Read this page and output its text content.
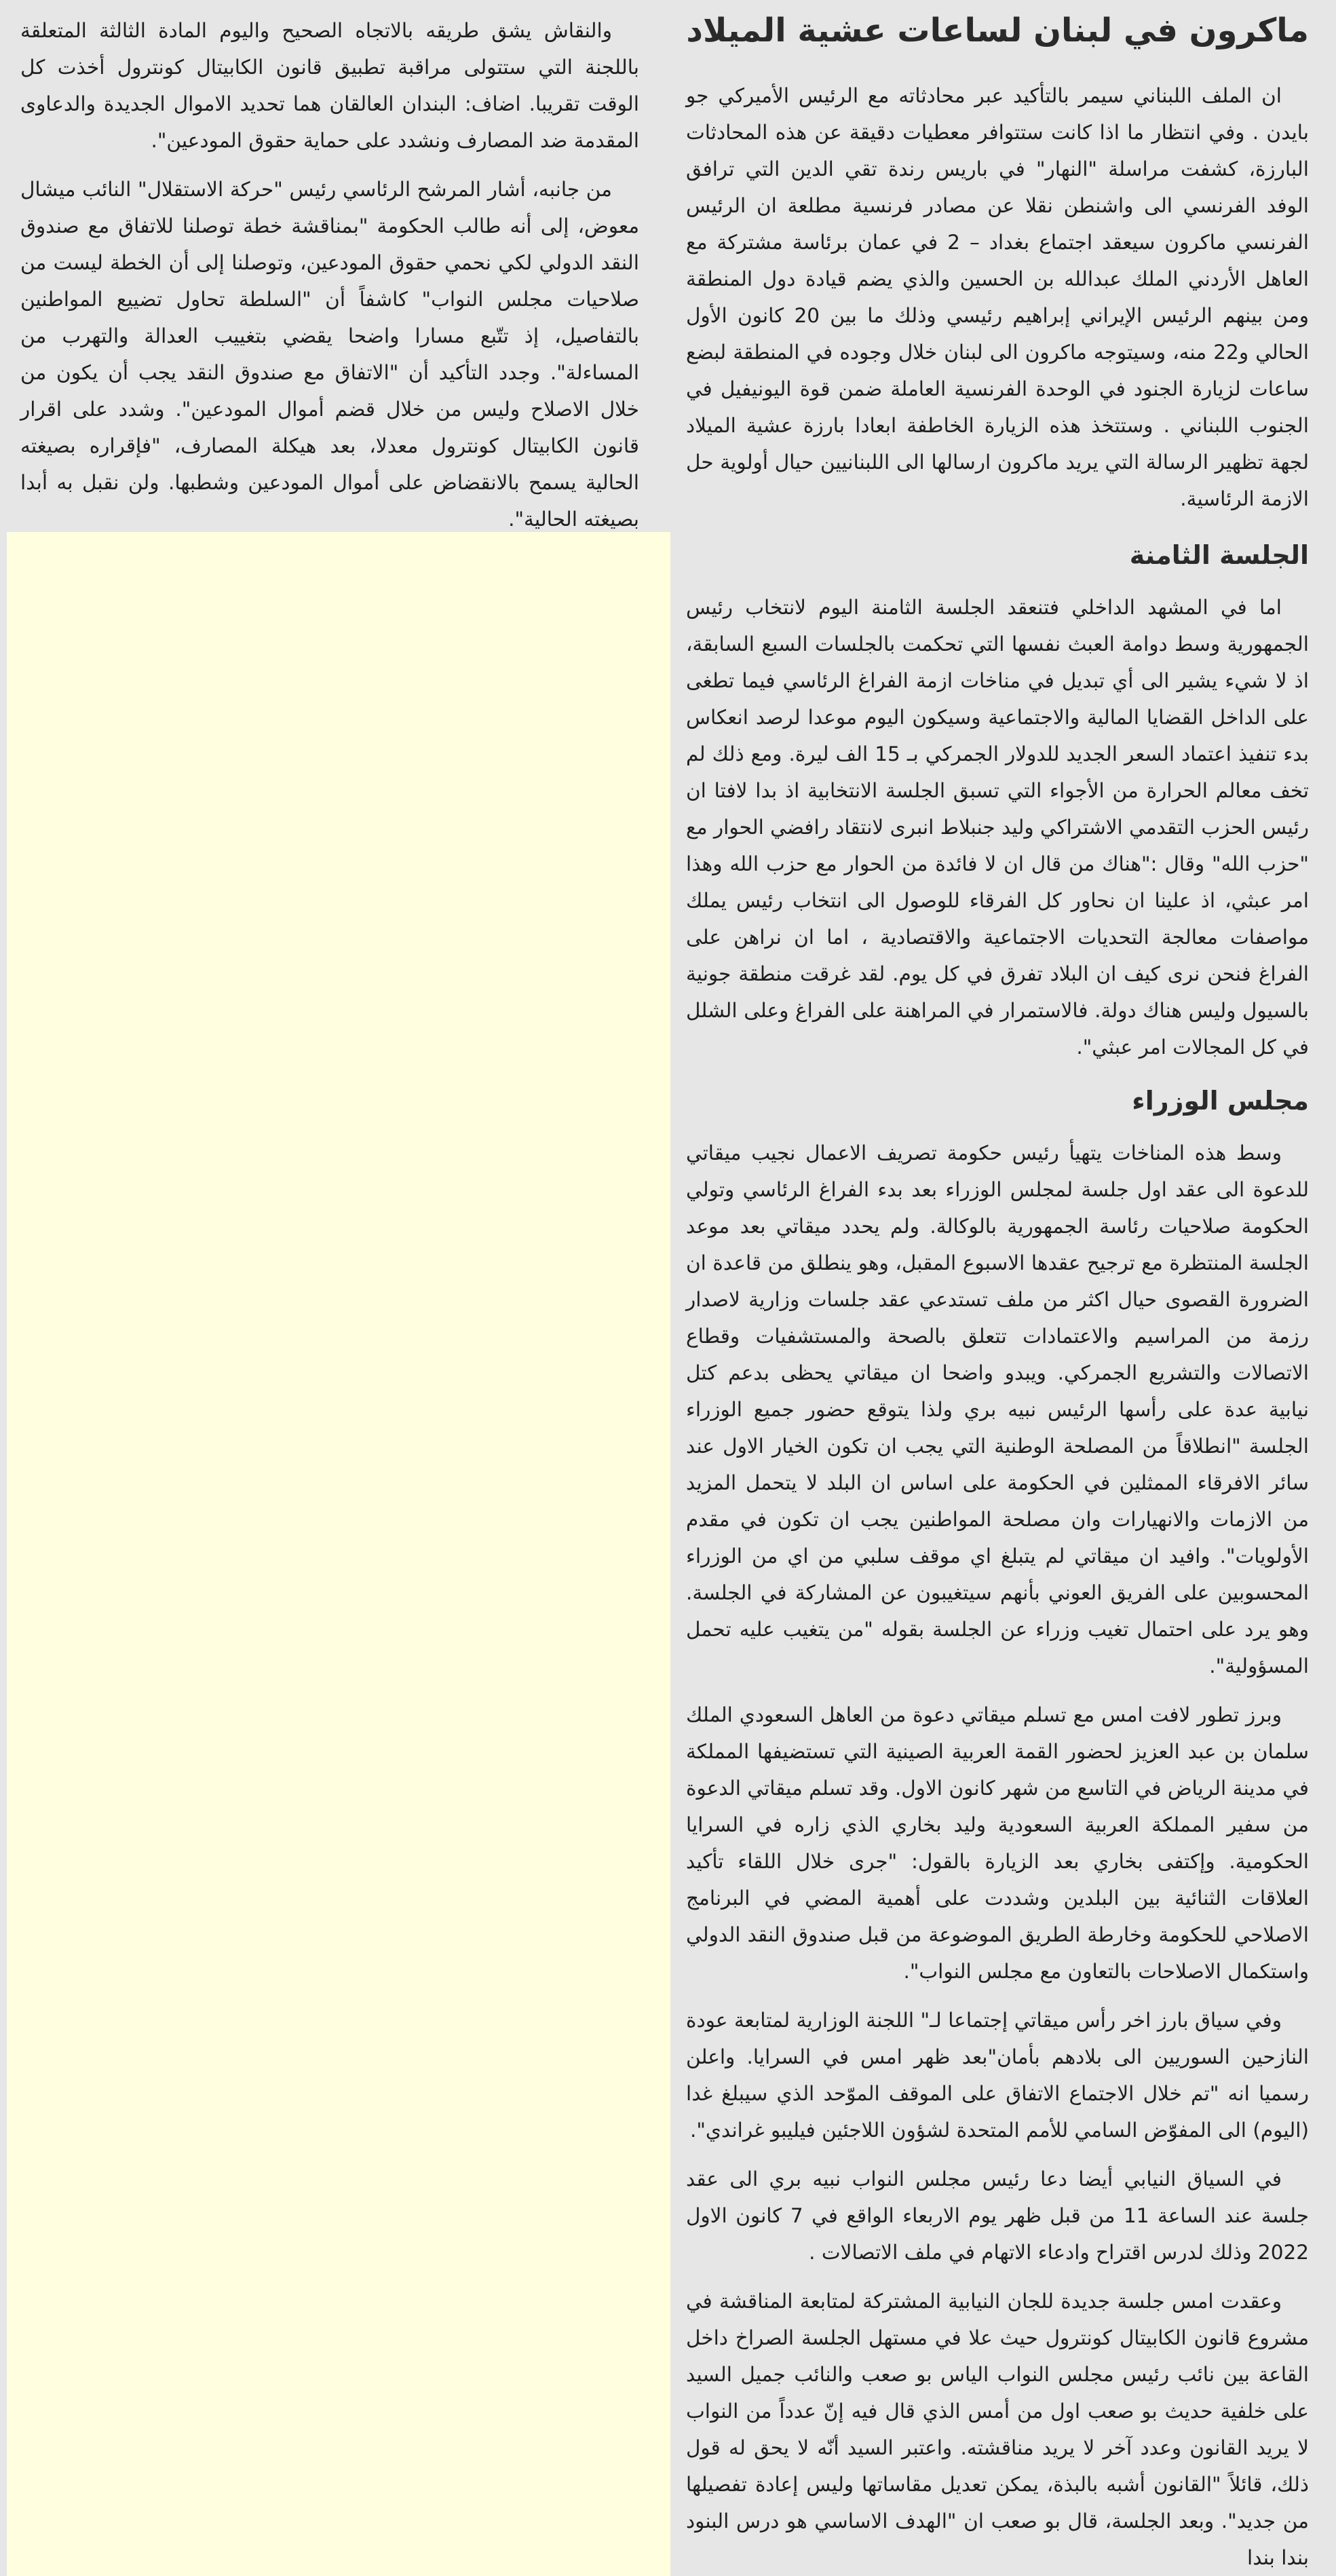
ماكرون في لبنان لساعات عشية الميلاد

ان الملف اللبناني سيمر بالتأكيد عبر محادثاته مع الرئيس الأميركي جو بايدن . وفي انتظار ما اذا كانت ستتوافر معطيات دقيقة عن هذه المحادثات البارزة، كشفت مراسلة "النهار" في باريس رندة تقي الدين التي ترافق الوفد الفرنسي الى واشنطن نقلا عن مصادر فرنسية مطلعة ان الرئيس الفرنسي ماكرون سيعقد اجتماع بغداد – 2 في عمان برئاسة مشتركة مع العاهل الأردني الملك عبدالله بن الحسين والذي يضم قيادة دول المنطقة ومن بينهم الرئيس الإيراني إبراهيم رئيسي وذلك ما بين 20 كانون الأول الحالي و22 منه، وسيتوجه ماكرون الى لبنان خلال وجوده في المنطقة لبضع ساعات لزيارة الجنود في الوحدة الفرنسية العاملة ضمن قوة اليونيفيل في الجنوب اللبناني . وستتخذ هذه الزيارة الخاطفة ابعادا بارزة عشية الميلاد لجهة تظهير الرسالة التي يريد ماكرون ارسالها الى اللبنانيين حيال أولوية حل الازمة الرئاسية.

والنقاش يشق طريقه بالاتجاه الصحيح واليوم المادة الثالثة المتعلقة باللجنة التي ستتولى مراقبة تطبيق قانون الكابيتال كونترول أخذت كل الوقت تقريبا. اضاف: البندان العالقان هما تحديد الاموال الجديدة والدعاوى المقدمة ضد المصارف ونشدد على حماية حقوق المودعين".

من جانبه، أشار المرشح الرئاسي رئيس "حركة الاستقلال" النائب ميشال معوض، إلى أنه طالب الحكومة "بمناقشة خطة توصلنا للاتفاق مع صندوق النقد الدولي لكي نحمي حقوق المودعين، وتوصلنا إلى أن الخطة ليست من صلاحيات مجلس النواب" كاشفاً أن "السلطة تحاول تضييع المواطنين بالتفاصيل، إذ تتّبع مسارا واضحا يقضي بتغييب العدالة والتهرب من المساءلة". وجدد التأكيد أن "الاتفاق مع صندوق النقد يجب أن يكون من خلال الاصلاح وليس من خلال قضم أموال المودعين". وشدد على اقرار قانون الكابيتال كونترول معدلا، بعد هيكلة المصارف، "فإقراره بصيغته الحالية يسمح بالانقضاض على أموال المودعين وشطبها. ولن نقبل به أبدا بصيغته الحالية".

الجلسة الثامنة

اما في المشهد الداخلي فتنعقد الجلسة الثامنة اليوم لانتخاب رئيس الجمهورية وسط دوامة العبث نفسها التي تحكمت بالجلسات السبع السابقة، اذ لا شيء يشير الى أي تبديل في مناخات ازمة الفراغ الرئاسي فيما تطغى على الداخل القضايا المالية والاجتماعية وسيكون اليوم موعدا لرصد انعكاس بدء تنفيذ اعتماد السعر الجديد للدولار الجمركي بـ 15 الف ليرة. ومع ذلك لم تخف معالم الحرارة من الأجواء التي تسبق الجلسة الانتخابية اذ بدا لافتا ان رئيس الحزب التقدمي الاشتراكي وليد جنبلاط انبرى لانتقاد رافضي الحوار مع "حزب الله" وقال :"هناك من قال ان لا فائدة من الحوار مع حزب الله وهذا امر عبثي، اذ علينا ان نحاور كل الفرقاء للوصول الى انتخاب رئيس يملك مواصفات معالجة التحديات الاجتماعية والاقتصادية ، اما ان نراهن على الفراغ فنحن نرى كيف ان البلاد تفرق في كل يوم. لقد غرقت منطقة جونية بالسيول وليس هناك دولة. فالاستمرار في المراهنة على الفراغ وعلى الشلل في كل المجالات امر عبثي".

مجلس الوزراء

وسط هذه المناخات يتهيأ رئيس حكومة تصريف الاعمال نجيب ميقاتي للدعوة الى عقد اول جلسة لمجلس الوزراء بعد بدء الفراغ الرئاسي وتولي الحكومة صلاحيات رئاسة الجمهورية بالوكالة. ولم يحدد ميقاتي بعد موعد الجلسة المنتظرة مع ترجيح عقدها الاسبوع المقبل، وهو ينطلق من قاعدة ان الضرورة القصوى حيال اكثر من ملف تستدعي عقد جلسات وزارية لاصدار رزمة من المراسيم والاعتمادات تتعلق بالصحة والمستشفيات وقطاع الاتصالات والتشريع الجمركي. ويبدو واضحا ان ميقاتي يحظى بدعم كتل نيابية عدة على رأسها الرئيس نبيه بري ولذا يتوقع حضور جميع الوزراء الجلسة "انطلاقاً من المصلحة الوطنية التي يجب ان تكون الخيار الاول عند سائر الافرقاء الممثلين في الحكومة على اساس ان البلد لا يتحمل المزيد من الازمات والانهيارات وان مصلحة المواطنين يجب ان تكون في مقدم الأولويات". وافيد ان ميقاتي لم يتبلغ اي موقف سلبي من اي من الوزراء المحسوبين على الفريق العوني بأنهم سيتغيبون عن المشاركة في الجلسة. وهو يرد على احتمال تغيب وزراء عن الجلسة بقوله "من يتغيب عليه تحمل المسؤولية".

وبرز تطور لافت امس مع تسلم ميقاتي دعوة من العاهل السعودي الملك سلمان بن عبد العزيز لحضور القمة العربية الصينية التي تستضيفها المملكة في مدينة الرياض في التاسع من شهر كانون الاول. وقد تسلم ميقاتي الدعوة من سفير المملكة العربية السعودية وليد بخاري الذي زاره في السرايا الحكومية. وإكتفى بخاري بعد الزيارة بالقول: "جرى خلال اللقاء تأكيد العلاقات الثنائية بين البلدين وشددت على أهمية المضي في البرنامج الاصلاحي للحكومة وخارطة الطريق الموضوعة من قبل صندوق النقد الدولي واستكمال الاصلاحات بالتعاون مع مجلس النواب".

وفي سياق بارز اخر رأس ميقاتي إجتماعا لـ" اللجنة الوزارية لمتابعة عودة النازحين السوريين الى بلادهم بأمان"بعد ظهر امس في السرايا. واعلن رسميا انه "تم خلال الاجتماع الاتفاق على الموقف الموّحد الذي سيبلغ غدا (اليوم) الى المفوّض السامي للأمم المتحدة لشؤون اللاجئين فيليبو غراندي".

في السياق النيابي أيضا دعا رئيس مجلس النواب نبيه بري الى عقد جلسة عند الساعة 11 من قبل ظهر يوم الاربعاء الواقع في 7 كانون الاول 2022 وذلك لدرس اقتراح وادعاء الاتهام في ملف الاتصالات .

وعقدت امس جلسة جديدة للجان النيابية المشتركة لمتابعة المناقشة في مشروع قانون الكابيتال كونترول حيث علا في مستهل الجلسة الصراخ داخل القاعة بين نائب رئيس مجلس النواب الياس بو صعب والنائب جميل السيد على خلفية حديث بو صعب اول من أمس الذي قال فيه إنّ عدداً من النواب لا يريد القانون وعدد آخر لا يريد مناقشته. واعتبر السيد أنّه لا يحق له قول ذلك، قائلاً "القانون أشبه بالبذة، يمكن تعديل مقاساتها وليس إعادة تفصيلها من جديد". وبعد الجلسة، قال بو صعب ان "الهدف الاساسي هو درس البنود بندا بندا
